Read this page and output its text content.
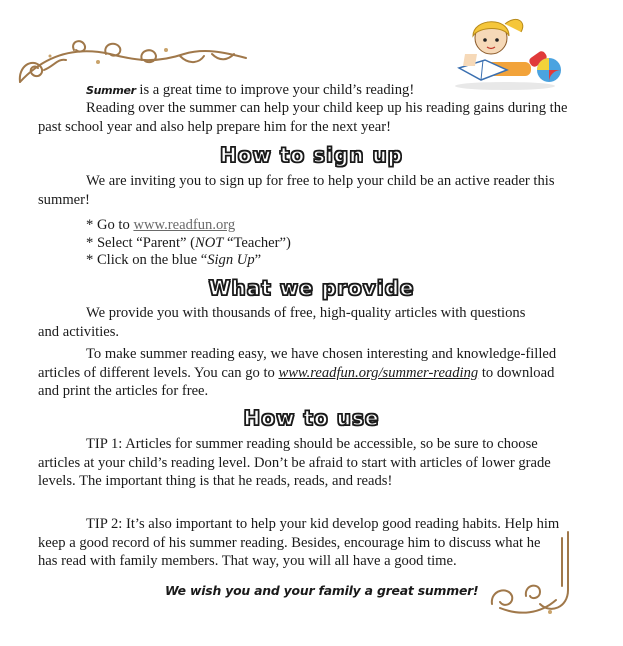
Summer is a great time to improve your child’s reading!

Reading over the summer can help your child keep up his reading gains during the past school year and also help prepare him for the next year!

How to sign up

We are inviting you to sign up for free to help your child be an active reader this summer!

* Go to www.readfun.org
* Select “Parent” (NOT “Teacher”)
* Click on the blue “Sign Up”
What we provide

We provide you with thousands of free, high-quality articles with questions and activities.

To make summer reading easy, we have chosen interesting and knowledge-filled articles of different levels. You can go to www.readfun.org/summer-reading to download and print the articles for free.

How to use

TIP 1: Articles for summer reading should be accessible, so be sure to choose articles at your child’s reading level. Don’t be afraid to start with articles of lower grade levels. The important thing is that he reads, reads, and reads!

TIP 2: It’s also important to help your kid develop good reading habits. Help him keep a good record of his summer reading. Besides, encourage him to discuss what he has read with family members. That way, you will all have a good time.

We wish you and your family a great summer!
